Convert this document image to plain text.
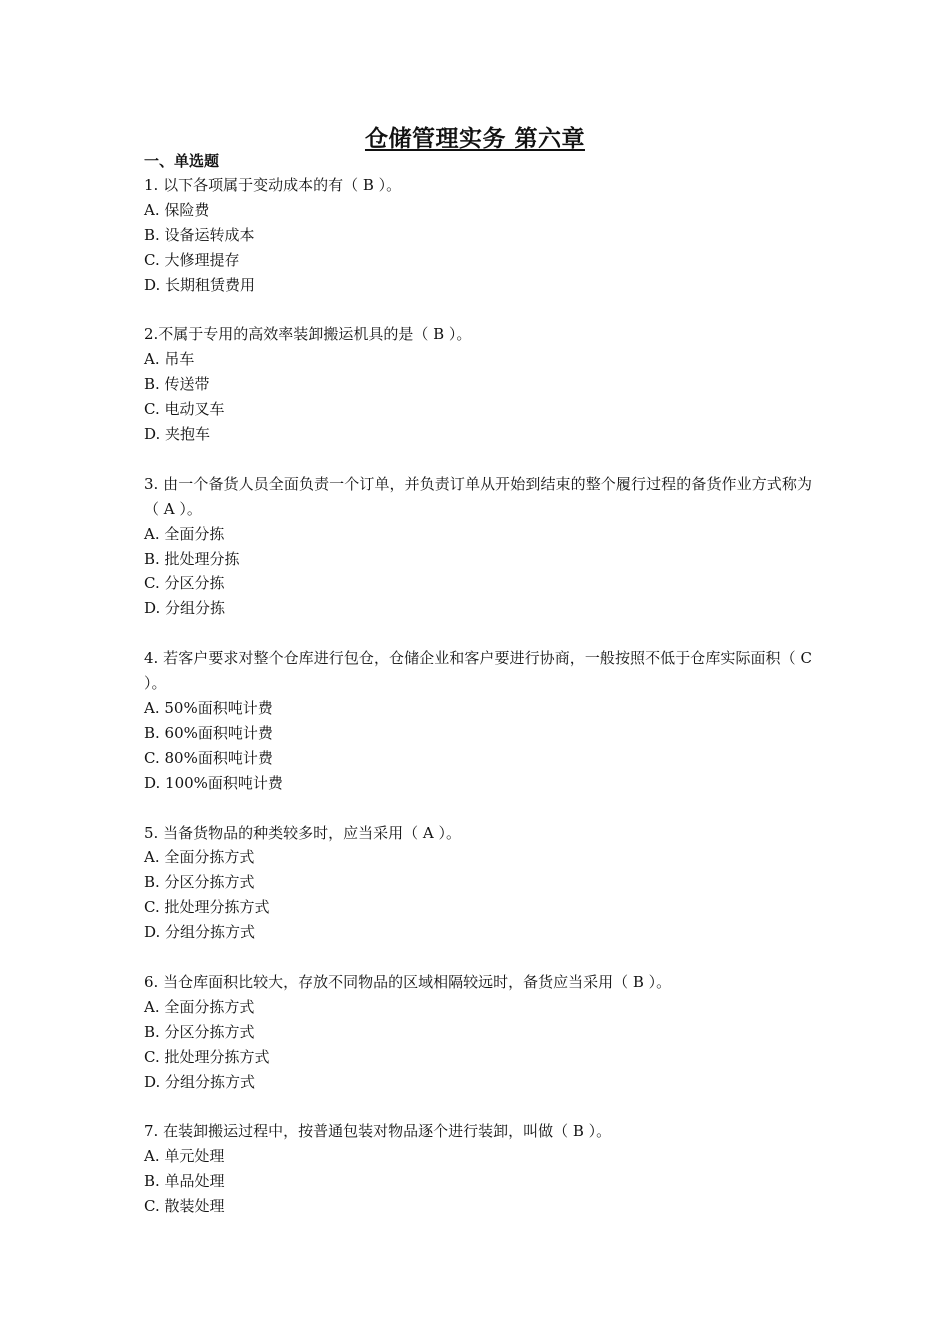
仓储管理实务 第六章
一、单选题
1. 以下各项属于变动成本的有（ B ）。
A. 保险费
B. 设备运转成本
C. 大修理提存
D. 长期租赁费用
2.不属于专用的高效率装卸搬运机具的是（ B ）。
A. 吊车
B. 传送带
C. 电动叉车
D. 夹抱车
3. 由一个备货人员全面负责一个订单，并负责订单从开始到结束的整个履行过程的备货作业方式称为（ A ）。
A. 全面分拣
B. 批处理分拣
C. 分区分拣
D. 分组分拣
4. 若客户要求对整个仓库进行包仓，仓储企业和客户要进行协商，一般按照不低于仓库实际面积（ C ）。
A. 50%面积吨计费
B. 60%面积吨计费
C. 80%面积吨计费
D. 100%面积吨计费
5. 当备货物品的种类较多时，应当采用（ A ）。
A. 全面分拣方式
B. 分区分拣方式
C. 批处理分拣方式
D. 分组分拣方式
6. 当仓库面积比较大，存放不同物品的区域相隔较远时，备货应当采用（ B ）。
A. 全面分拣方式
B. 分区分拣方式
C. 批处理分拣方式
D. 分组分拣方式
7. 在装卸搬运过程中，按普通包装对物品逐个进行装卸，叫做（ B ）。
A. 单元处理
B. 单品处理
C. 散装处理
